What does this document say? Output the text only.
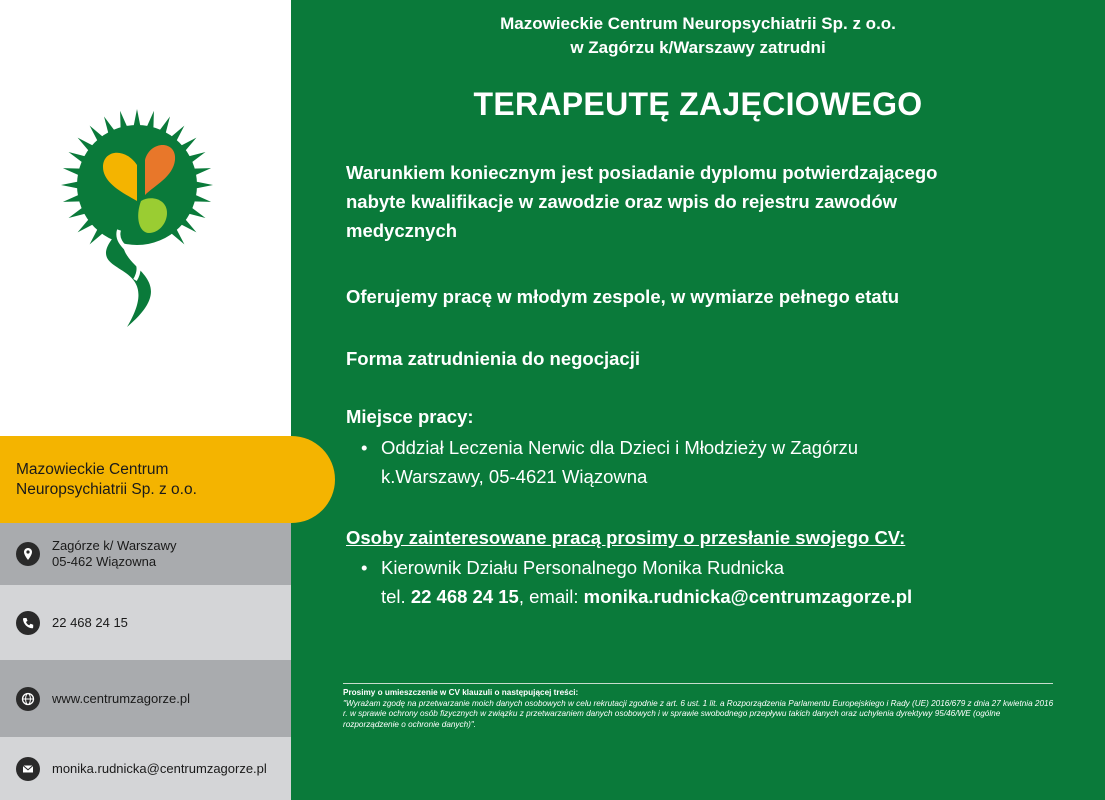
Mazowieckie Centrum
Neuropsychiatrii Sp. z o.o.
Zagórze k/ Warszawy
05-462 Wiązowna
22 468 24 15
www.centrumzagorze.pl
monika.rudnicka@centrumzagorze.pl
Mazowieckie Centrum Neuropsychiatrii Sp. z o.o.
w Zagórzu k/Warszawy zatrudni
TERAPEUTĘ ZAJĘCIOWEGO
Warunkiem koniecznym jest posiadanie dyplomu potwierdzającego
nabyte kwalifikacje w zawodzie oraz wpis do rejestru zawodów
medycznych
Oferujemy pracę w młodym zespole, w wymiarze pełnego etatu
Forma zatrudnienia do negocjacji
Miejsce pracy:
• Oddział Leczenia Nerwic dla Dzieci i Młodzieży w Zagórzu
k.Warszawy, 05-4621 Wiązowna
Osoby zainteresowane pracą prosimy o przesłanie swojego CV:
• Kierownik Działu Personalnego Monika Rudnicka
tel. 22 468 24 15, email: monika.rudnicka@centrumzagorze.pl
Prosimy o umieszczenie w CV klauzuli o następującej treści:
"Wyrażam zgodę na przetwarzanie moich danych osobowych w celu rekrutacji zgodnie z art. 6 ust. 1 lit. a Rozporządzenia Parlamentu Europejskiego i Rady (UE) 2016/679 z dnia 27 kwietnia 2016 r. w sprawie ochrony osób fizycznych w związku z przetwarzaniem danych osobowych i w sprawie swobodnego przepływu takich danych oraz uchylenia dyrektywy 95/46/WE (ogólne rozporządzenie o ochronie danych)".
